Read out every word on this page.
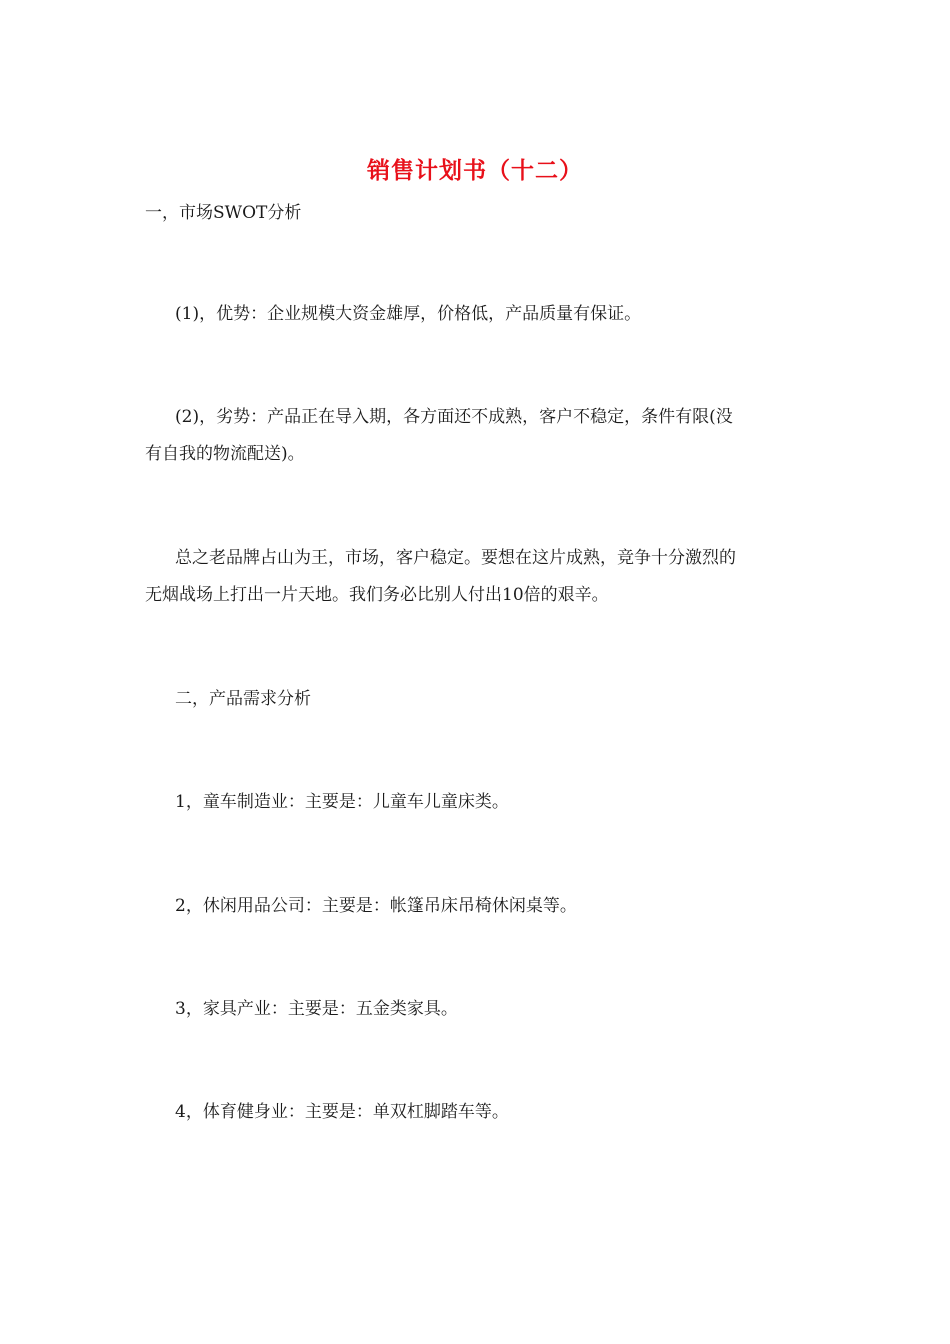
销售计划书（十二）
一，市场SWOT分析
(1)，优势：企业规模大资金雄厚，价格低，产品质量有保证。
(2)，劣势：产品正在导入期，各方面还不成熟，客户不稳定，条件有限(没
有自我的物流配送)。
总之老品牌占山为王，市场，客户稳定。要想在这片成熟，竞争十分激烈的
无烟战场上打出一片天地。我们务必比别人付出10倍的艰辛。
二，产品需求分析
1，童车制造业：主要是：儿童车儿童床类。
2，休闲用品公司：主要是：帐篷吊床吊椅休闲桌等。
3，家具产业：主要是：五金类家具。
4，体育健身业：主要是：单双杠脚踏车等。
